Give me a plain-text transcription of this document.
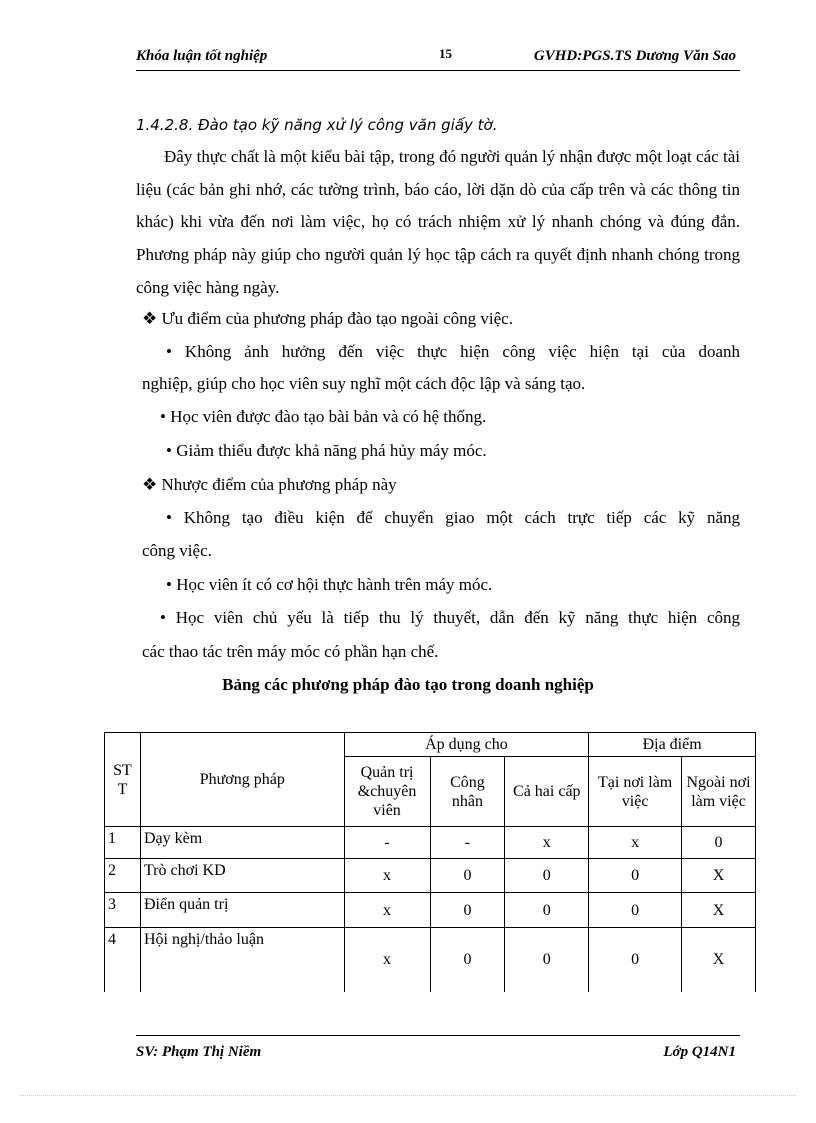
Khóa luận tốt nghiệp	15	GVHD:PGS.TS Dương Văn Sao
1.4.2.8. Đào tạo kỹ năng xử lý công văn giấy tờ.
Đây thực chất là một kiểu bài tập, trong đó người quản lý nhận được một loạt các tài liệu (các bản ghi nhớ, các tường trình, báo cáo, lời dặn dò của cấp trên và các thông tin khác) khi vừa đến nơi làm việc, họ có trách nhiệm xử lý nhanh chóng và đúng đắn. Phương pháp này giúp cho người quản lý học tập cách ra quyết định nhanh chóng trong công việc hàng ngày.
❖ Ưu điểm của phương pháp đào tạo ngoài công việc.
• Không ảnh hưởng đến việc thực hiện công việc hiện tại của doanh
nghiệp, giúp cho học viên suy nghĩ một cách độc lập và sáng tạo.
• Học viên được đào tạo bài bản và có hệ thống.
• Giảm thiểu được khả năng phá hủy máy móc.
❖ Nhược điểm của phương pháp này
• Không tạo điều kiện để chuyển giao một cách trực tiếp các kỹ năng
công việc.
• Học viên ít có cơ hội thực hành trên máy móc.
• Học viên chủ yếu là tiếp thu lý thuyết, dẫn đến kỹ năng thực hiện công
các thao tác trên máy móc có phần hạn chế.
Bảng các phương pháp đào tạo trong doanh nghiệp
ST T	Phương pháp	Áp dụng cho			Địa điểm	
		Quản trị &chuyên viên	Công nhân	Cả hai cấp	Tại nơi làm việc	Ngoài nơi làm việc
1	Dạy kèm	-	-	x	x	0
2	Trò chơi KD	x	0	0	0	X
3	Điển quản trị	x	0	0	0	X
4	Hội nghị/thảo luận	x	0	0	0	X
SV: Phạm Thị Niềm	Lớp Q14N1
